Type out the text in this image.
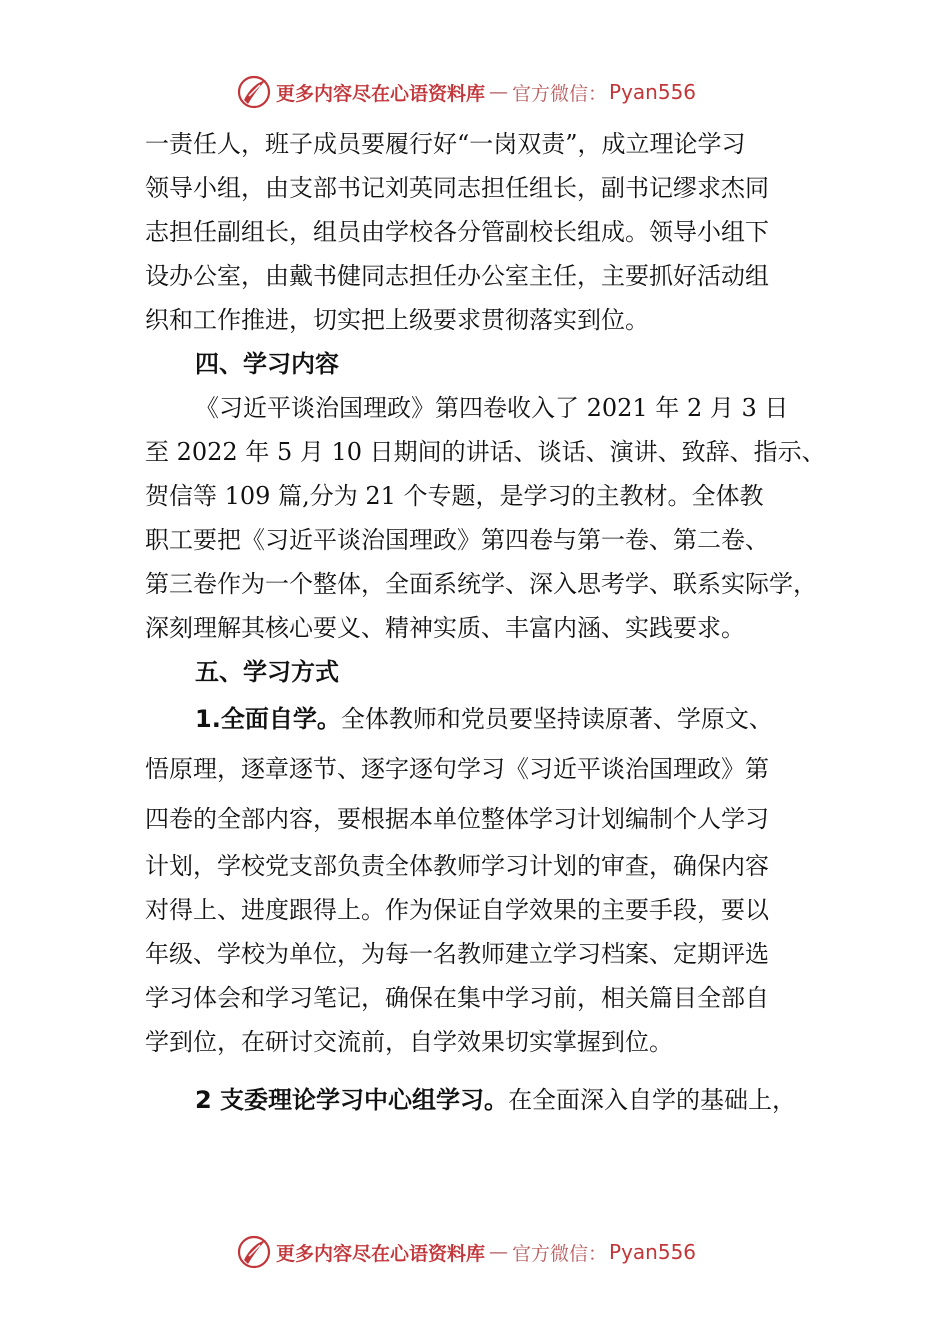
更多内容尽在心语资料库 — 官方微信： Pyan556
一责任人，班子成员要履行好“一岗双责”，成立理论学习
领导小组，由支部书记刘英同志担任组长，副书记缪求杰同
志担任副组长，组员由学校各分管副校长组成。领导小组下
设办公室，由戴书健同志担任办公室主任，主要抓好活动组
织和工作推进，切实把上级要求贯彻落实到位。
四、学习内容
《习近平谈治国理政》第四卷收入了 2021 年 2 月 3 日
至 2022 年 5 月 10 日期间的讲话、谈话、演讲、致辞、指示、
贺信等 109 篇,分为 21 个专题，是学习的主教材。全体教
职工要把《习近平谈治国理政》第四卷与第一卷、第二卷、
第三卷作为一个整体，全面系统学、深入思考学、联系实际学，
深刻理解其核心要义、精神实质、丰富内涵、实践要求。
五、学习方式
1.全面自学。全体教师和党员要坚持读原著、学原文、
悟原理，逐章逐节、逐字逐句学习《习近平谈治国理政》第
四卷的全部内容，要根据本单位整体学习计划编制个人学习
计划，学校党支部负责全体教师学习计划的审查，确保内容
对得上、进度跟得上。作为保证自学效果的主要手段，要以
年级、学校为单位，为每一名教师建立学习档案、定期评选
学习体会和学习笔记，确保在集中学习前，相关篇目全部自
学到位，在研讨交流前，自学效果切实掌握到位。
2 支委理论学习中心组学习。在全面深入自学的基础上，
更多内容尽在心语资料库 — 官方微信： Pyan556
